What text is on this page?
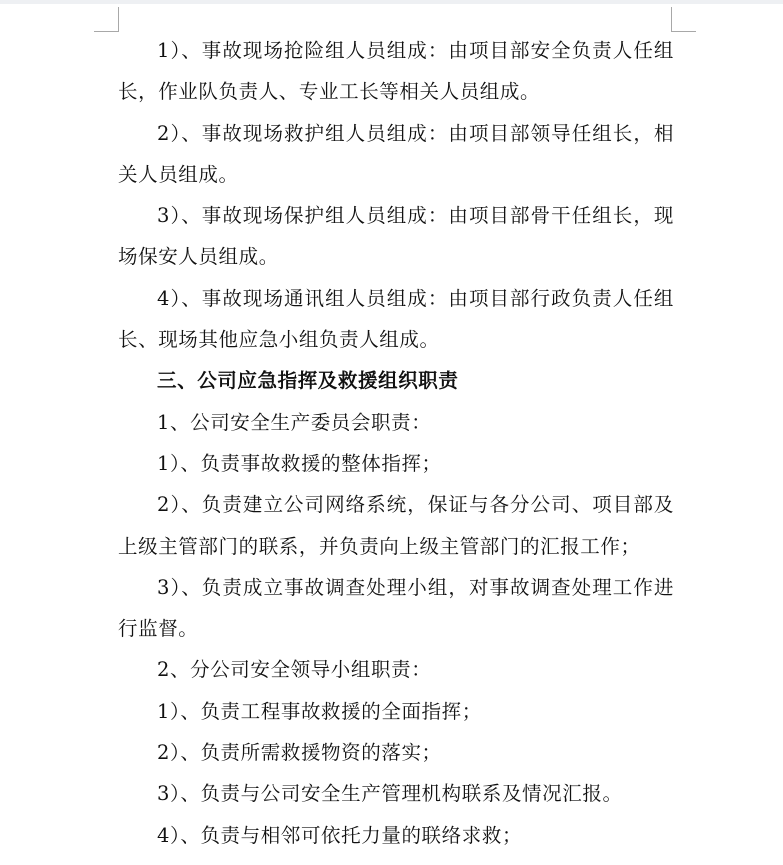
1）、事故现场抢险组人员组成：由项目部安全负责人任组长，作业队负责人、专业工长等相关人员组成。

2）、事故现场救护组人员组成：由项目部领导任组长，相关人员组成。

3）、事故现场保护组人员组成：由项目部骨干任组长，现场保安人员组成。

4）、事故现场通讯组人员组成：由项目部行政负责人任组长、现场其他应急小组负责人组成。

三、公司应急指挥及救援组织职责

1、公司安全生产委员会职责：

1）、负责事故救援的整体指挥；

2）、负责建立公司网络系统，保证与各分公司、项目部及上级主管部门的联系，并负责向上级主管部门的汇报工作；

3）、负责成立事故调查处理小组，对事故调查处理工作进行监督。

2、分公司安全领导小组职责：

1）、负责工程事故救援的全面指挥；

2）、负责所需救援物资的落实；

3）、负责与公司安全生产管理机构联系及情况汇报。

4）、负责与相邻可依托力量的联络求救；
